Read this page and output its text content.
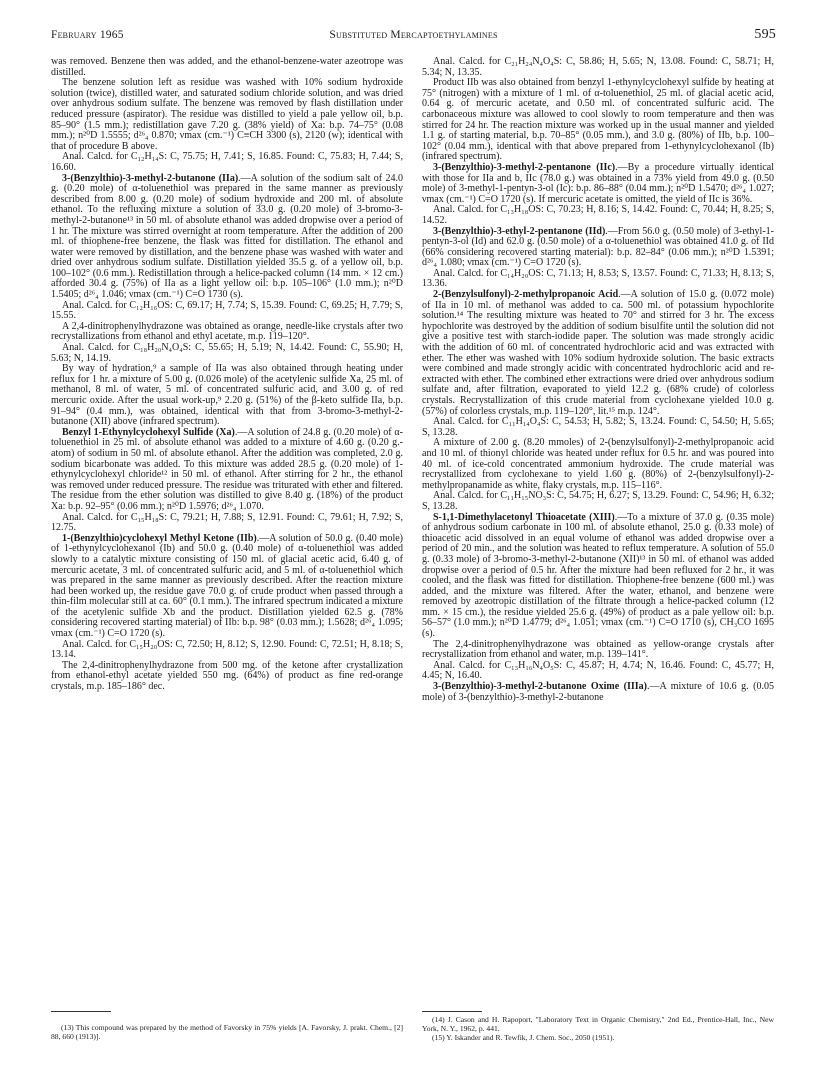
February 1965	Substituted Mercaptoethylamines	595

was removed. Benzene then was added, and the ethanol-benzene-water azeotrope was distilled.

The benzene solution left as residue was washed with 10% sodium hydroxide solution (twice), distilled water, and saturated sodium chloride solution, and was dried over anhydrous sodium sulfate. The benzene was removed by flash distillation under reduced pressure (aspirator). The residue was distilled to yield a pale yellow oil, b.p. 85–90° (1.5 mm.); redistillation gave 7.20 g. (38% yield) of Xa: b.p. 74–75° (0.08 mm.); n²⁰D 1.5555; d²⁶₄ 0.870; νmax (cm.⁻¹) C≡CH 3300 (s), 2120 (w); identical with that of procedure B above.

Anal. Calcd. for C₁₂H₁₄S: C, 75.75; H, 7.41; S, 16.85. Found: C, 75.83; H, 7.44; S, 16.60.

3-(Benzylthio)-3-methyl-2-butanone (IIa).—A solution of the sodium salt of 24.0 g. (0.20 mole) of α-toluenethiol was prepared in the same manner as previously described from 8.00 g. (0.20 mole) of sodium hydroxide and 200 ml. of absolute ethanol. To the refluxing mixture a solution of 33.0 g. (0.20 mole) of 3-bromo-3-methyl-2-butanone¹³ in 50 ml. of absolute ethanol was added dropwise over a period of 1 hr. The mixture was stirred overnight at room temperature. After the addition of 200 ml. of thiophene-free benzene, the flask was fitted for distillation. The ethanol and water were removed by distillation, and the benzene phase was washed with water and dried over anhydrous sodium sulfate. Distillation yielded 35.5 g. of a yellow oil, b.p. 100–102° (0.6 mm.). Redistillation through a helice-packed column (14 mm. × 12 cm.) afforded 30.4 g. (75%) of IIa as a light yellow oil: b.p. 105–106° (1.0 mm.); n²⁰D 1.5405; d²⁶₄ 1.046; νmax (cm.⁻¹) C=O 1730 (s).

Anal. Calcd. for C₁₂H₁₆OS: C, 69.17; H, 7.74; S, 15.39. Found: C, 69.25; H, 7.79; S, 15.55.

A 2,4-dinitrophenylhydrazone was obtained as orange, needle-like crystals after two recrystallizations from ethanol and ethyl acetate, m.p. 119–120°.

Anal. Calcd. for C₁₈H₂₀N₄O₄S: C, 55.65; H, 5.19; N, 14.42. Found: C, 55.90; H, 5.63; N, 14.19.

By way of hydration,⁹ a sample of IIa was also obtained through heating under reflux for 1 hr. a mixture of 5.00 g. (0.026 mole) of the acetylenic sulfide Xa, 25 ml. of methanol, 8 ml. of water, 5 ml. of concentrated sulfuric acid, and 3.00 g. of red mercuric oxide. After the usual work-up,⁹ 2.20 g. (51%) of the β-keto sulfide IIa, b.p. 91–94° (0.4 mm.), was obtained, identical with that from 3-bromo-3-methyl-2-butanone (XII) above (infrared spectrum).

Benzyl 1-Ethynylcyclohexyl Sulfide (Xa).—A solution of 24.8 g. (0.20 mole) of α-toluenethiol in 25 ml. of absolute ethanol was added to a mixture of 4.60 g. (0.20 g.-atom) of sodium in 50 ml. of absolute ethanol. After the addition was completed, 2.0 g. sodium bicarbonate was added. To this mixture was added 28.5 g. (0.20 mole) of 1-ethynylcyclohexyl chloride¹² in 50 ml. of ethanol. After stirring for 2 hr., the ethanol was removed under reduced pressure. The residue was triturated with ether and filtered. The residue from the ether solution was distilled to give 8.40 g. (18%) of the product Xa: b.p. 92–95° (0.06 mm.); n²⁰D 1.5976; d²⁶₄ 1.070.

Anal. Calcd. for C₁₅H₁₈S: C, 79.21; H, 7.88; S, 12.91. Found: C, 79.61; H, 7.92; S, 12.75.

1-(Benzylthio)cyclohexyl Methyl Ketone (IIb).—A solution of 50.0 g. (0.40 mole) of 1-ethynylcyclohexanol (Ib) and 50.0 g. (0.40 mole) of α-toluenethiol was added slowly to a catalytic mixture consisting of 150 ml. of glacial acetic acid, 6.40 g. of mercuric acetate, 3 ml. of concentrated sulfuric acid, and 5 ml. of α-toluenethiol which was prepared in the same manner as previously described. After the reaction mixture had been worked up, the residue gave 70.0 g. of crude product when passed through a thin-film molecular still at ca. 60° (0.1 mm.). The infrared spectrum indicated a mixture of the acetylenic sulfide Xb and the product. Distillation yielded 62.5 g. (78% considering recovered starting material) of IIb: b.p. 98° (0.03 mm.); 1.5628; d²⁶₄ 1.095; νmax (cm.⁻¹) C=O 1720 (s).

Anal. Calcd. for C₁₅H₂₀OS: C, 72.50; H, 8.12; S, 12.90. Found: C, 72.51; H, 8.18; S, 13.14.

The 2,4-dinitrophenylhydrazone from 500 mg. of the ketone after crystallization from ethanol-ethyl acetate yielded 550 mg. (64%) of product as fine red-orange crystals, m.p. 185–186° dec.

Anal. Calcd. for C₂₁H₂₄N₄O₄S: C, 58.86; H, 5.65; N, 13.08. Found: C, 58.71; H, 5.34; N, 13.35.

Product IIb was also obtained from benzyl 1-ethynylcyclohexyl sulfide by heating at 75° (nitrogen) with a mixture of 1 ml. of α-toluenethiol, 25 ml. of glacial acetic acid, 0.64 g. of mercuric acetate, and 0.50 ml. of concentrated sulfuric acid. The carbonaceous mixture was allowed to cool slowly to room temperature and then was stirred for 24 hr. The reaction mixture was worked up in the usual manner and yielded 1.1 g. of starting material, b.p. 70–85° (0.05 mm.), and 3.0 g. (80%) of IIb, b.p. 100–102° (0.04 mm.), identical with that above prepared from 1-ethynylcyclohexanol (Ib) (infrared spectrum).

3-(Benzylthio)-3-methyl-2-pentanone (IIc).—By a procedure virtually identical with those for IIa and b, IIc (78.0 g.) was obtained in a 73% yield from 49.0 g. (0.50 mole) of 3-methyl-1-pentyn-3-ol (Ic): b.p. 86–88° (0.04 mm.); n²⁰D 1.5470; d²⁶₄ 1.027; νmax (cm.⁻¹) C=O 1720 (s). If mercuric acetate is omitted, the yield of IIc is 36%.

Anal. Calcd. for C₁₃H₁₈OS: C, 70.23; H, 8.16; S, 14.42. Found: C, 70.44; H, 8.25; S, 14.52.

3-(Benzylthio)-3-ethyl-2-pentanone (IId).—From 56.0 g. (0.50 mole) of 3-ethyl-1-pentyn-3-ol (Id) and 62.0 g. (0.50 mole) of a α-toluenethiol was obtained 41.0 g. of IId (66% considering recovered starting material): b.p. 82–84° (0.06 mm.); n²⁰D 1.5391; d²⁶₄ 1.080; νmax (cm.⁻¹) C=O 1720 (s).

Anal. Calcd. for C₁₄H₂₀OS: C, 71.13; H, 8.53; S, 13.57. Found: C, 71.33; H, 8.13; S, 13.36.

2-(Benzylsulfonyl)-2-methylpropanoic Acid.—A solution of 15.0 g. (0.072 mole) of IIa in 10 ml. of methanol was added to ca. 500 ml. of potassium hypochlorite solution.¹⁴ The resulting mixture was heated to 70° and stirred for 3 hr. The excess hypochlorite was destroyed by the addition of sodium bisulfite until the solution did not give a positive test with starch-iodide paper. The solution was made strongly acidic with the addition of 60 ml. of concentrated hydrochloric acid and was extracted with ether. The ether was washed with 10% sodium hydroxide solution. The basic extracts were combined and made strongly acidic with concentrated hydrochloric acid and re-extracted with ether. The combined ether extractions were dried over anhydrous sodium sulfate and, after filtration, evaporated to yield 12.2 g. (68% crude) of colorless crystals. Recrystallization of this crude material from cyclohexane yielded 10.0 g. (57%) of colorless crystals, m.p. 119–120°, lit.¹⁵ m.p. 124°.

Anal. Calcd. for C₁₁H₁₄O₄S: C, 54.53; H, 5.82; S, 13.24. Found: C, 54.50; H, 5.65; S, 13.28.

A mixture of 2.00 g. (8.20 mmoles) of 2-(benzylsulfonyl)-2-methylpropanoic acid and 10 ml. of thionyl chloride was heated under reflux for 0.5 hr. and was poured into 40 ml. of ice-cold concentrated ammonium hydroxide. The crude material was recrystallized from cyclohexane to yield 1.60 g. (80%) of 2-(benzylsulfonyl)-2-methylpropanamide as white, flaky crystals, m.p. 115–116°.

Anal. Calcd. for C₁₁H₁₅NO₃S: C, 54.75; H, 6.27; S, 13.29. Found: C, 54.96; H, 6.32; S, 13.28.

S-1,1-Dimethylacetonyl Thioacetate (XIII).—To a mixture of 37.0 g. (0.35 mole) of anhydrous sodium carbonate in 100 ml. of absolute ethanol, 25.0 g. (0.33 mole) of thioacetic acid dissolved in an equal volume of ethanol was added dropwise over a period of 20 min., and the solution was heated to reflux temperature. A solution of 55.0 g. (0.33 mole) of 3-bromo-3-methyl-2-butanone (XII)¹³ in 50 ml. of ethanol was added dropwise over a period of 0.5 hr. After the mixture had been refluxed for 2 hr., it was cooled, and the flask was fitted for distillation. Thiophene-free benzene (600 ml.) was added, and the mixture was filtered. After the water, ethanol, and benzene were removed by azeotropic distillation of the filtrate through a helice-packed column (12 mm. × 15 cm.), the residue yielded 25.6 g. (49%) of product as a pale yellow oil: b.p. 56–57° (1.0 mm.); n²⁰D 1.4779; d²⁶₄ 1.051; νmax (cm.⁻¹) C=O 1710 (s), CH₃CO 1695 (s).

The 2,4-dinitrophenylhydrazone was obtained as yellow-orange crystals after recrystallization from ethanol and water, m.p. 139–141°.

Anal. Calcd. for C₁₃H₁₆N₄O₅S: C, 45.87; H, 4.74; N, 16.46. Found: C, 45.77; H, 4.45; N, 16.40.

3-(Benzylthio)-3-methyl-2-butanone Oxime (IIIa).—A mixture of 10.6 g. (0.05 mole) of 3-(benzylthio)-3-methyl-2-butanone

(13) This compound was prepared by the method of Favorsky in 75% yields [A. Favorsky, J. prakt. Chem., [2] 88, 660 (1913)].

(14) J. Cason and H. Rapoport, "Laboratory Text in Organic Chemistry," 2nd Ed., Prentice-Hall, Inc., New York, N. Y., 1962, p. 441.

(15) Y. Iskander and R. Tewfik, J. Chem. Soc., 2050 (1951).
